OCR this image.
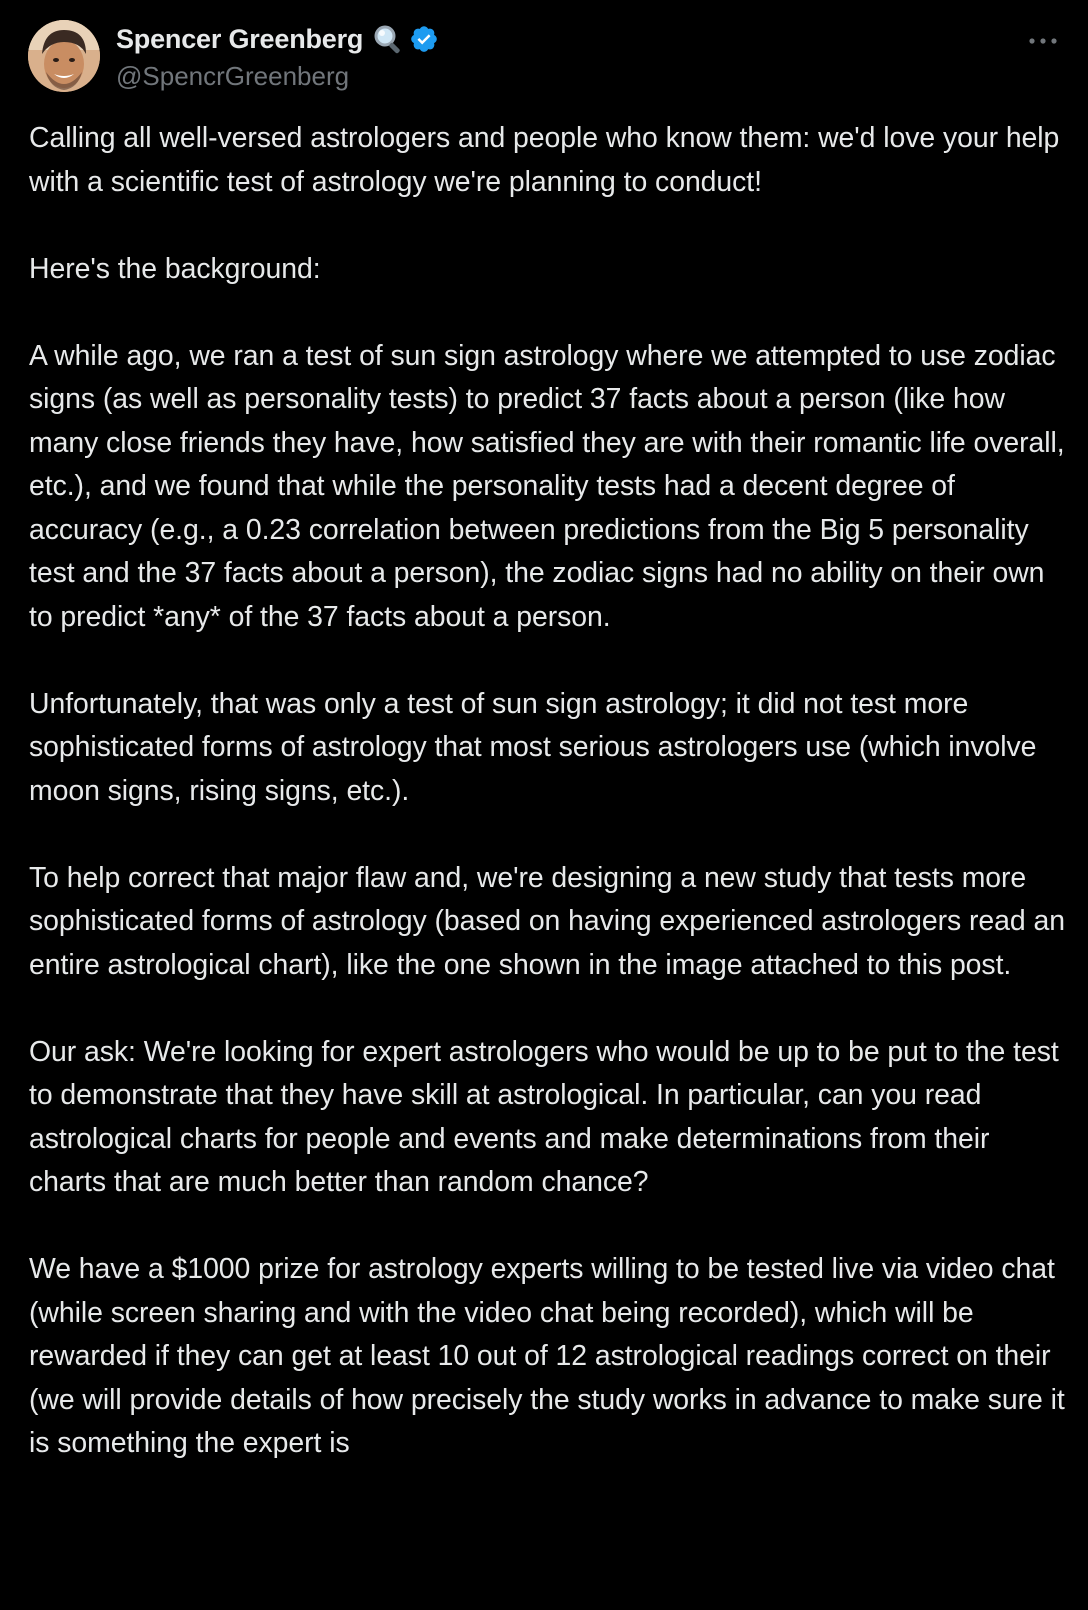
Spencer Greenberg
@SpencrGreenberg

Calling all well-versed astrologers and people who know them: we'd love your help with a scientific test of astrology we're planning to conduct!

Here's the background:

A while ago, we ran a test of sun sign astrology where we attempted to use zodiac signs (as well as personality tests) to predict 37 facts about a person (like how many close friends they have, how satisfied they are with their romantic life overall, etc.), and we found that while the personality tests had a decent degree of accuracy (e.g., a 0.23 correlation between predictions from the Big 5 personality test and the 37 facts about a person), the zodiac signs had no ability on their own to predict *any* of the 37 facts about a person.

Unfortunately, that was only a test of sun sign astrology; it did not test more sophisticated forms of astrology that most serious astrologers use (which involve moon signs, rising signs, etc.).

To help correct that major flaw and, we're designing a new study that tests more sophisticated forms of astrology (based on having experienced astrologers read an entire astrological chart), like the one shown in the image attached to this post.

Our ask: We're looking for expert astrologers who would be up to be put to the test to demonstrate that they have skill at astrological. In particular, can you read astrological charts for people and events and make determinations from their charts that are much better than random chance?

We have a $1000 prize for astrology experts willing to be tested live via video chat (while screen sharing and with the video chat being recorded), which will be rewarded if they can get at least 10 out of 12 astrological readings correct on their (we will provide details of how precisely the study works in advance to make sure it is something the expert is
